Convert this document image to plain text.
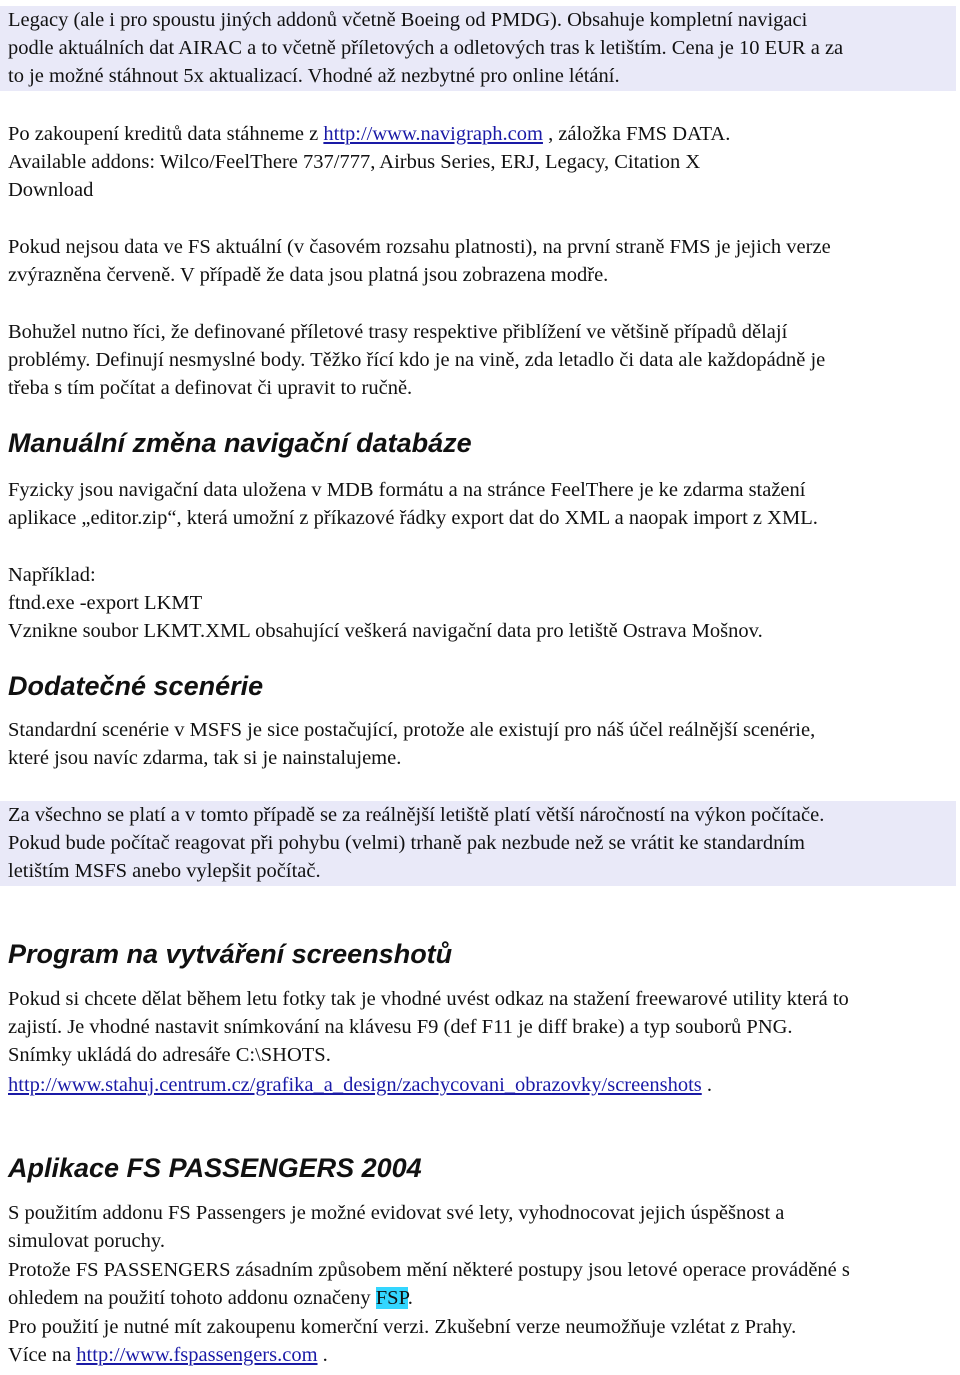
Legacy (ale i pro spoustu jiných addonů včetně Boeing od PMDG). Obsahuje kompletní navigaci
podle aktuálních dat AIRAC a to včetně příletových a odletových tras k letištím. Cena je 10 EUR a za
to je možné stáhnout 5x aktualizací. Vhodné až nezbytné pro online létání.
Po zakoupení kreditů data stáhneme z http://www.navigraph.com , záložka FMS DATA.
Available addons: Wilco/FeelThere 737/777, Airbus Series, ERJ, Legacy, Citation X
Download
Pokud nejsou data ve FS aktuální (v časovém rozsahu platnosti), na první straně FMS je jejich verze
zvýrazněna červeně. V případě že data jsou platná jsou zobrazena modře.
Bohužel nutno říci, že definované příletové trasy respektive přiblížení ve většině případů dělají
problémy. Definují nesmyslné body. Těžko řící kdo je na vině, zda letadlo či data ale každopádně je
třeba s tím počítat a definovat či upravit to ručně.
Manuální změna navigační databáze
Fyzicky jsou navigační data uložena v MDB formátu a na stránce FeelThere je ke zdarma stažení
aplikace „editor.zip“, která umožní z příkazové řádky export dat do XML a naopak import z XML.
Například:
ftnd.exe -export LKMT
Vznikne soubor LKMT.XML obsahující veškerá navigační data pro letiště Ostrava Mošnov.
Dodatečné scenérie
Standardní scenérie v MSFS je sice postačující, protože ale existují pro náš účel reálnější scenérie,
které jsou navíc zdarma, tak si je nainstalujeme.
Za všechno se platí a v tomto případě se za reálnější letiště platí větší náročností na výkon počítače.
Pokud bude počítač reagovat při pohybu (velmi) trhaně pak nezbude než se vrátit ke standardním
letištím MSFS anebo vylepšit počítač.
Program na vytváření screenshotů
Pokud si chcete dělat během letu fotky tak je vhodné uvést odkaz na stažení freewarové utility která to
zajistí. Je vhodné nastavit snímkování na klávesu F9 (def F11 je diff brake) a typ souborů PNG.
Snímky ukládá do adresáře C:\SHOTS.
http://www.stahuj.centrum.cz/grafika_a_design/zachycovani_obrazovky/screenshots .
Aplikace FS PASSENGERS 2004
S použitím addonu FS Passengers je možné evidovat své lety, vyhodnocovat jejich úspěšnost a
simulovat poruchy.
Protože FS PASSENGERS zásadním způsobem mění některé postupy jsou letové operace prováděné s
ohledem na použití tohoto addonu označeny FSP.
Pro použití je nutné mít zakoupenu komerční verzi. Zkušební verze neumožňuje vzlétat z Prahy.
Více na http://www.fspassengers.com .
